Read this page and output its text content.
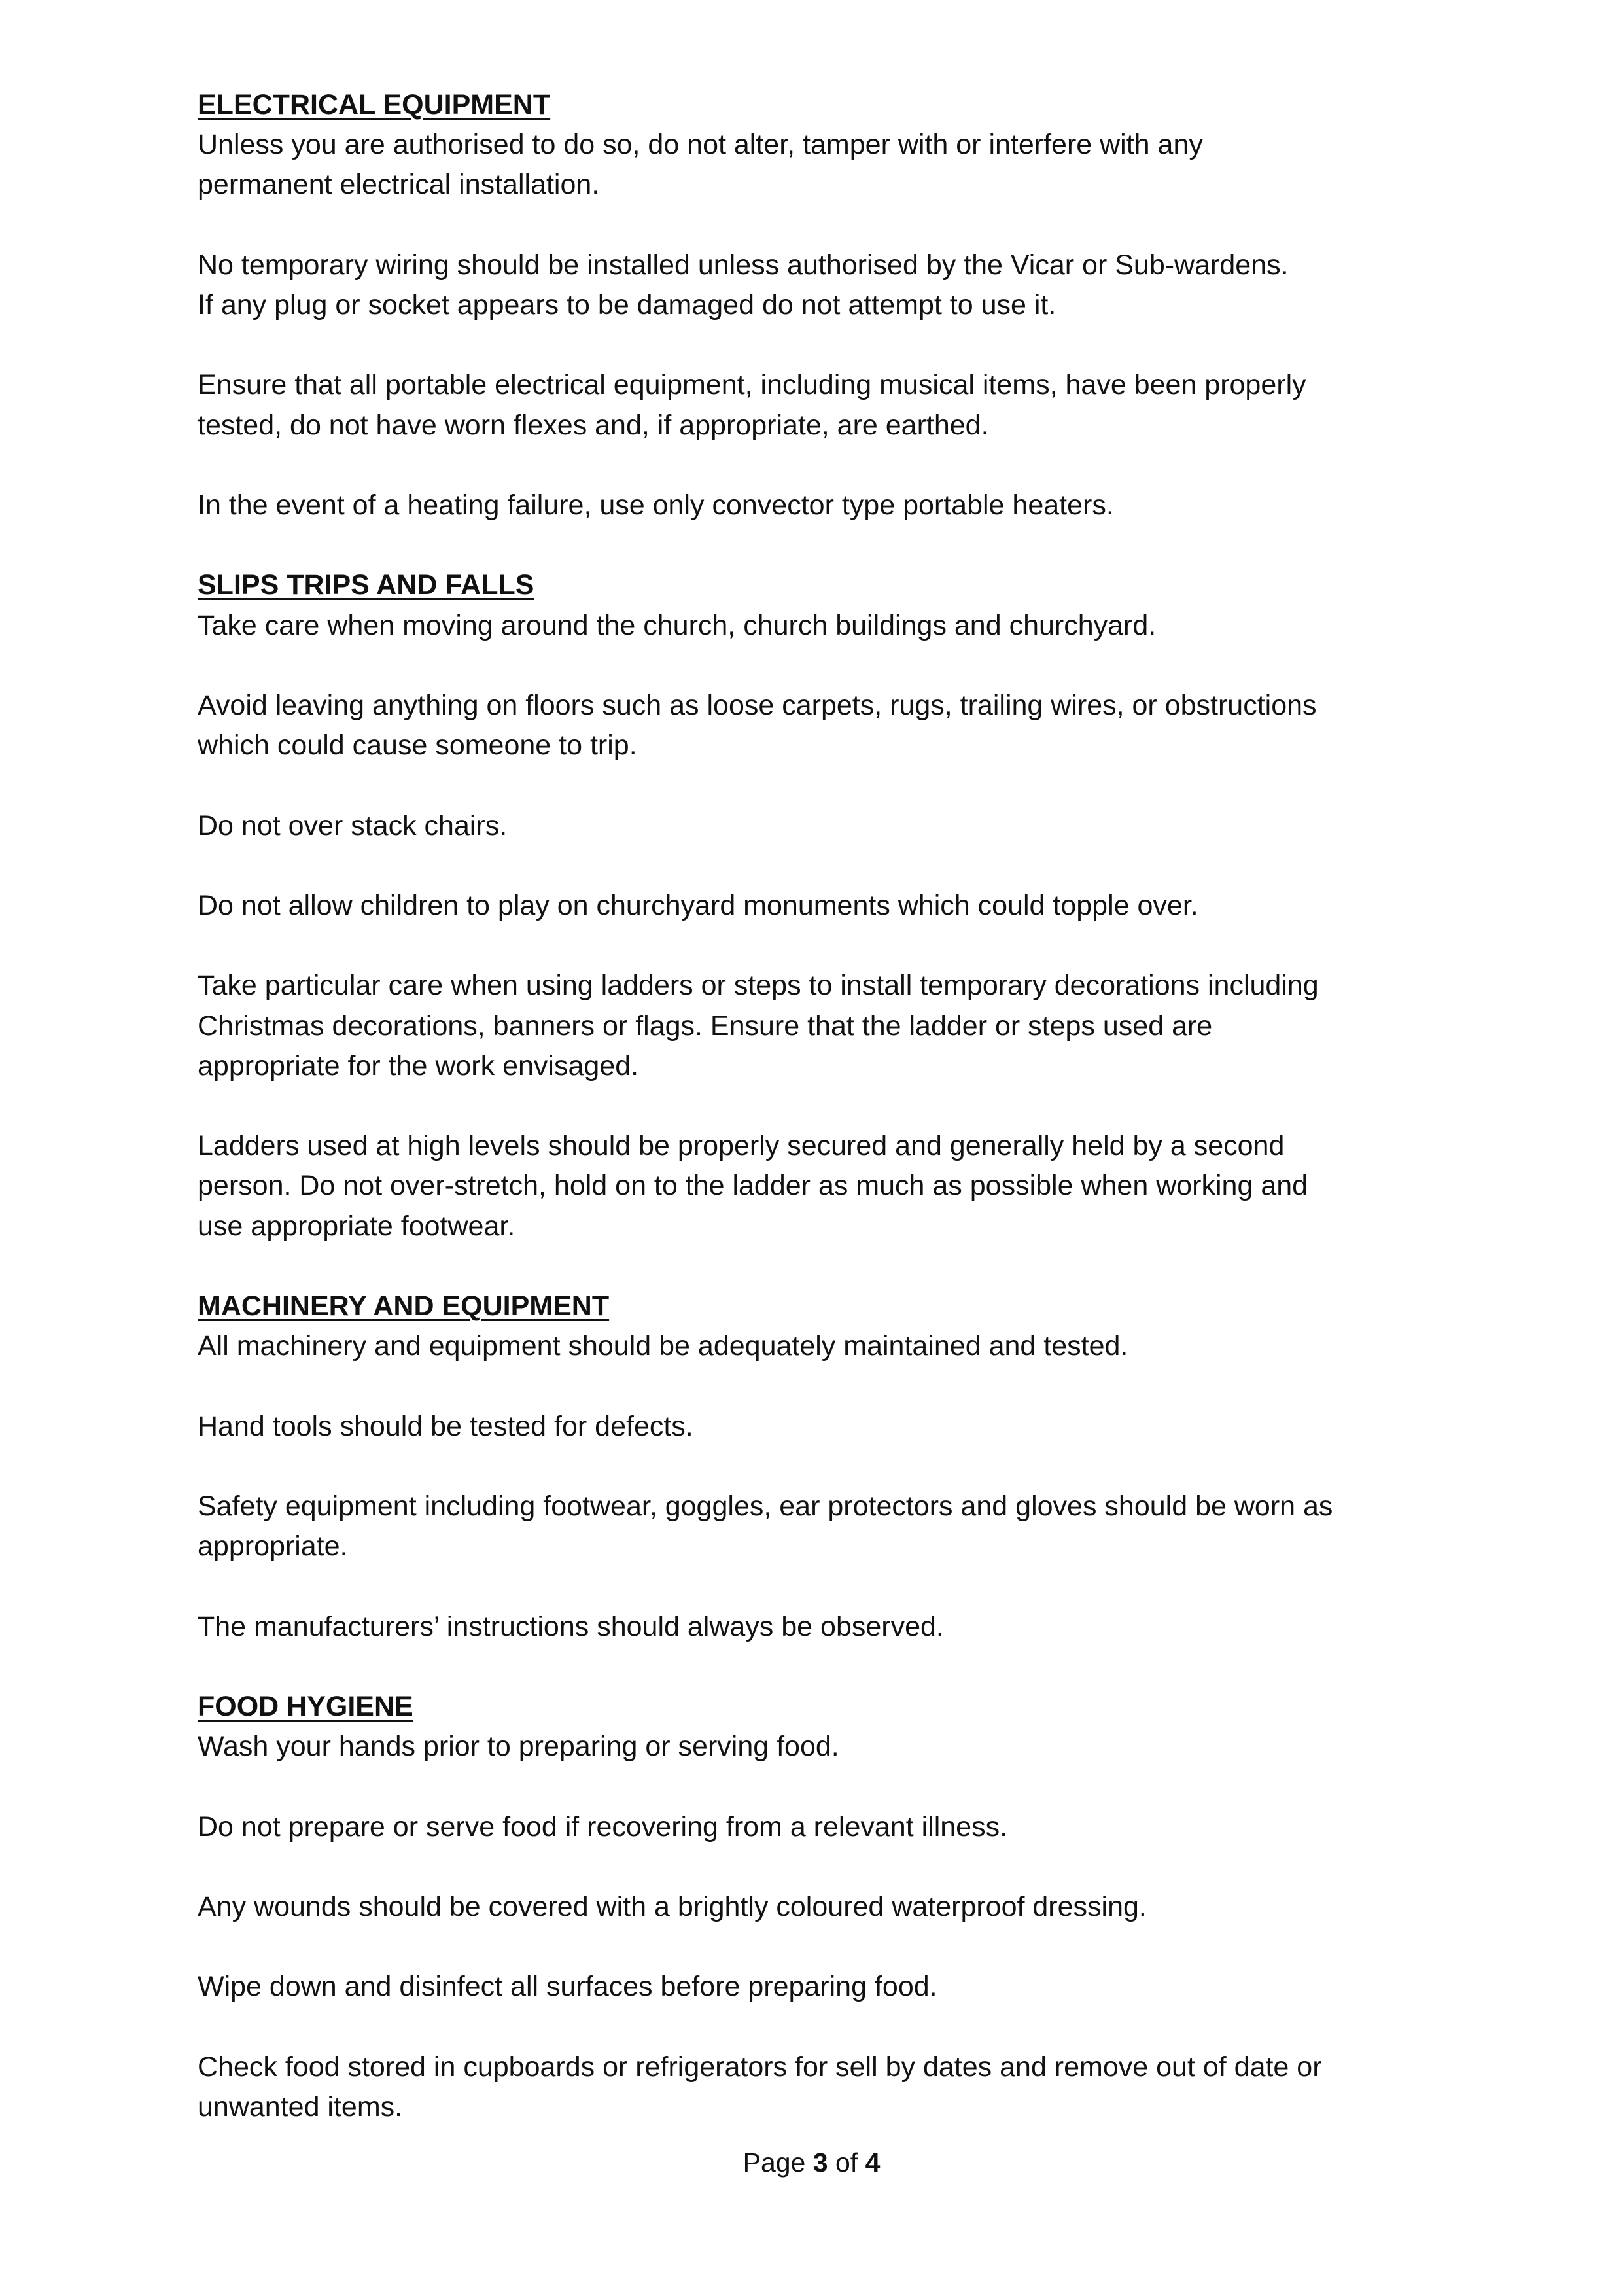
ELECTRICAL EQUIPMENT

Unless you are authorised to do so, do not alter, tamper with or interfere with any
permanent electrical installation.

No temporary wiring should be installed unless authorised by the Vicar or Sub-wardens.
If any plug or socket appears to be damaged do not attempt to use it.

Ensure that all portable electrical equipment, including musical items, have been properly
tested, do not have worn flexes and, if appropriate, are earthed.

In the event of a heating failure, use only convector type portable heaters.

SLIPS TRIPS AND FALLS

Take care when moving around the church, church buildings and churchyard.

Avoid leaving anything on floors such as loose carpets, rugs, trailing wires, or obstructions
which could cause someone to trip.

Do not over stack chairs.

Do not allow children to play on churchyard monuments which could topple over.

Take particular care when using ladders or steps to install temporary decorations including
Christmas decorations, banners or flags. Ensure that the ladder or steps used are
appropriate for the work envisaged.

Ladders used at high levels should be properly secured and generally held by a second
person. Do not over-stretch, hold on to the ladder as much as possible when working and
use appropriate footwear.

MACHINERY AND EQUIPMENT

All machinery and equipment should be adequately maintained and tested.

Hand tools should be tested for defects.

Safety equipment including footwear, goggles, ear protectors and gloves should be worn as
appropriate.

The manufacturers’ instructions should always be observed.

FOOD HYGIENE

Wash your hands prior to preparing or serving food.

Do not prepare or serve food if recovering from a relevant illness.

Any wounds should be covered with a brightly coloured waterproof dressing.

Wipe down and disinfect all surfaces before preparing food.

Check food stored in cupboards or refrigerators for sell by dates and remove out of date or
unwanted items.

Page 3 of 4
